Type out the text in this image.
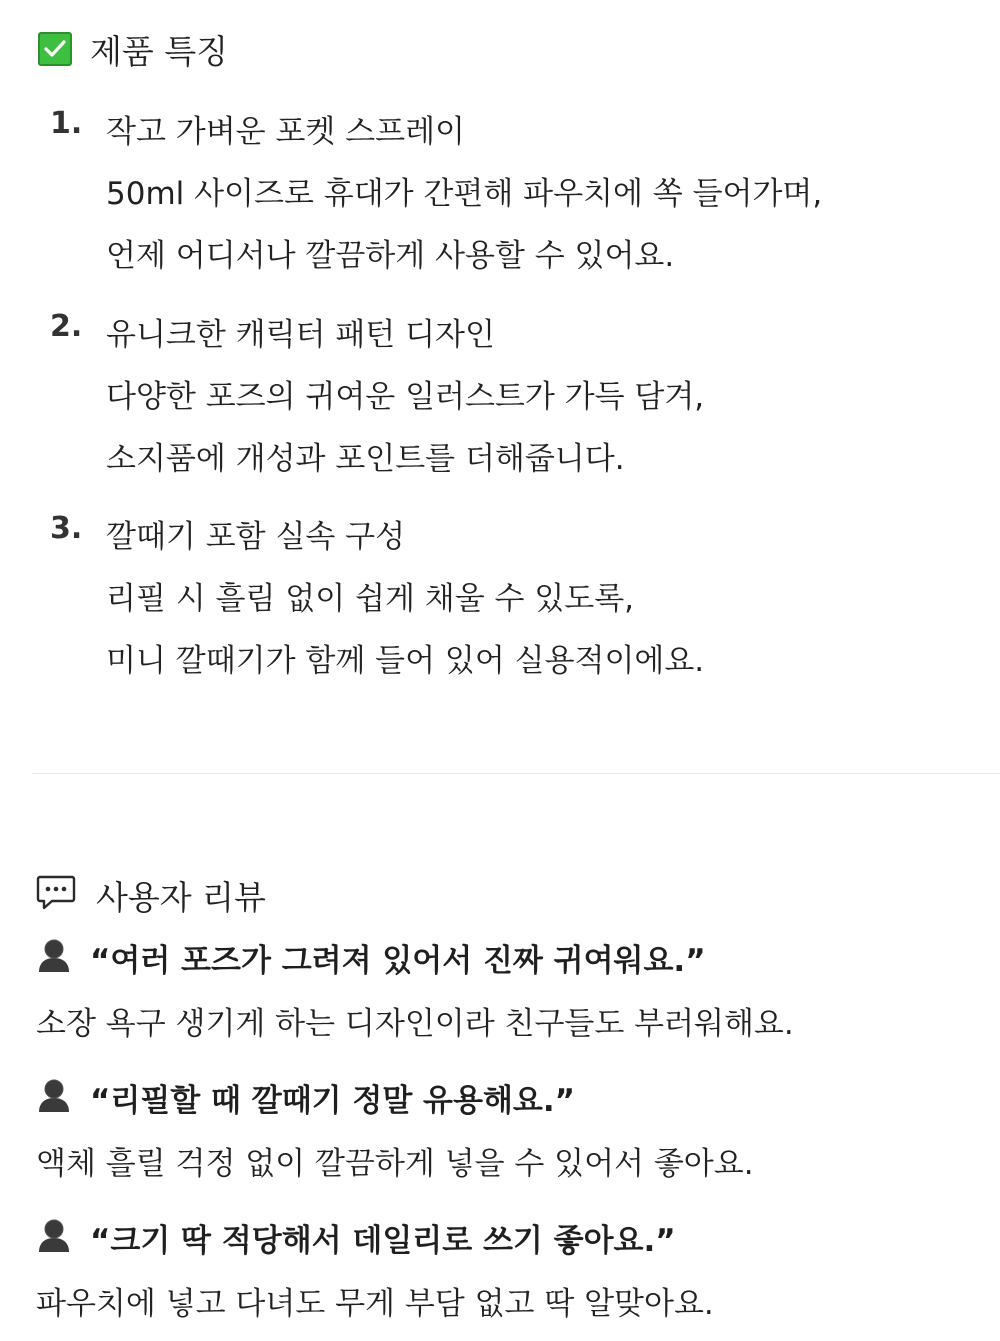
제품 특징
1. 작고 가벼운 포켓 스프레이
50ml 사이즈로 휴대가 간편해 파우치에 쏙 들어가며,
언제 어디서나 깔끔하게 사용할 수 있어요.
2. 유니크한 캐릭터 패턴 디자인
다양한 포즈의 귀여운 일러스트가 가득 담겨,
소지품에 개성과 포인트를 더해줍니다.
3. 깔때기 포함 실속 구성
리필 시 흘림 없이 쉽게 채울 수 있도록,
미니 깔때기가 함께 들어 있어 실용적이에요.
사용자 리뷰
“여러 포즈가 그려져 있어서 진짜 귀여워요.”
소장 욕구 생기게 하는 디자인이라 친구들도 부러워해요.
“리필할 때 깔때기 정말 유용해요.”
액체 흘릴 걱정 없이 깔끔하게 넣을 수 있어서 좋아요.
“크기 딱 적당해서 데일리로 쓰기 좋아요.”
파우치에 넣고 다녀도 무게 부담 없고 딱 알맞아요.
